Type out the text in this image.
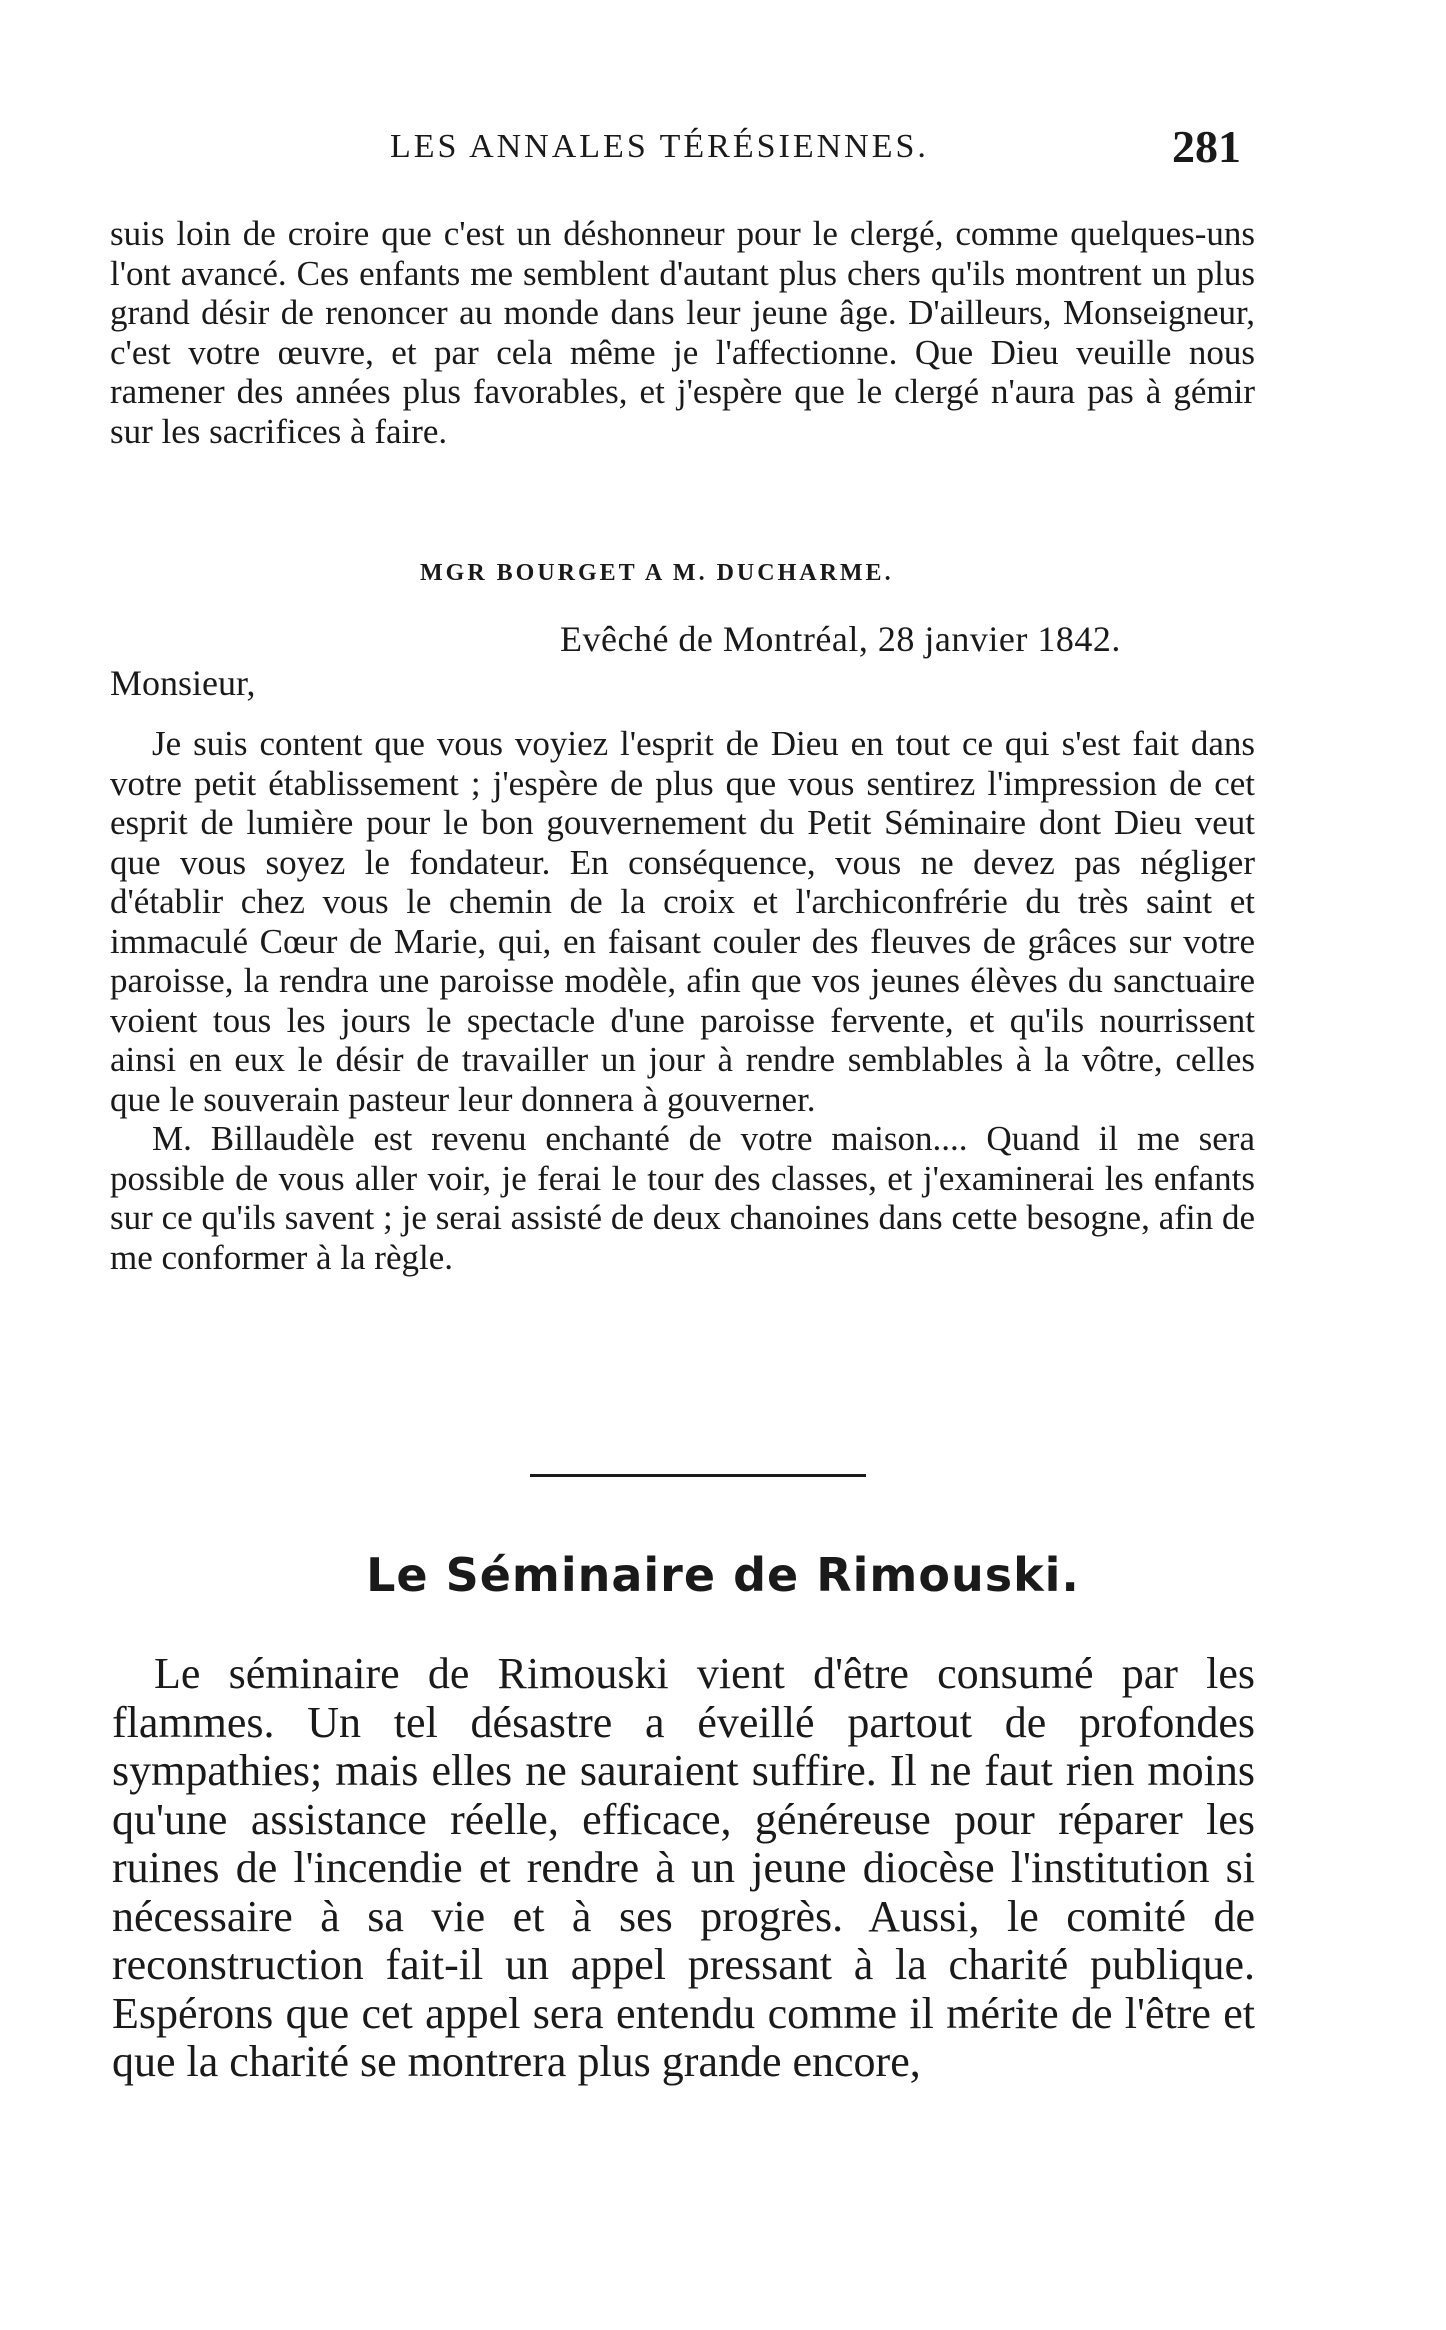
LES ANNALES TÉRÉSIENNES.	281

suis loin de croire que c'est un déshonneur pour le clergé, comme quelques-uns l'ont avancé. Ces enfants me semblent d'autant plus chers qu'ils montrent un plus grand désir de renoncer au monde dans leur jeune âge. D'ailleurs, Monseigneur, c'est votre œuvre, et par cela même je l'affectionne. Que Dieu veuille nous ramener des années plus favorables, et j'espère que le clergé n'aura pas à gémir sur les sacrifices à faire.

MGR BOURGET A M. DUCHARME.
Evêché de Montréal, 28 janvier 1842.
Monsieur,

Je suis content que vous voyiez l'esprit de Dieu en tout ce qui s'est fait dans votre petit établissement ; j'espère de plus que vous sentirez l'impression de cet esprit de lumière pour le bon gouvernement du Petit Séminaire dont Dieu veut que vous soyez le fondateur. En conséquence, vous ne devez pas négliger d'établir chez vous le chemin de la croix et l'archiconfrérie du très saint et immaculé Cœur de Marie, qui, en faisant couler des fleuves de grâces sur votre paroisse, la rendra une paroisse modèle, afin que vos jeunes élèves du sanctuaire voient tous les jours le spectacle d'une paroisse fervente, et qu'ils nourrissent ainsi en eux le désir de travailler un jour à rendre semblables à la vôtre, celles que le souverain pasteur leur donnera à gouverner.

M. Billaudèle est revenu enchanté de votre maison.... Quand il me sera possible de vous aller voir, je ferai le tour des classes, et j'examinerai les enfants sur ce qu'ils savent ; je serai assisté de deux chanoines dans cette besogne, afin de me conformer à la règle.

Le Séminaire de Rimouski.

Le séminaire de Rimouski vient d'être consumé par les flammes. Un tel désastre a éveillé partout de profondes sympathies; mais elles ne sauraient suffire. Il ne faut rien moins qu'une assistance réelle, efficace, généreuse pour réparer les ruines de l'incendie et rendre à un jeune diocèse l'institution si nécessaire à sa vie et à ses progrès. Aussi, le comité de reconstruction fait-il un appel pressant à la charité publique. Espérons que cet appel sera entendu comme il mérite de l'être et que la charité se montrera plus grande encore,
